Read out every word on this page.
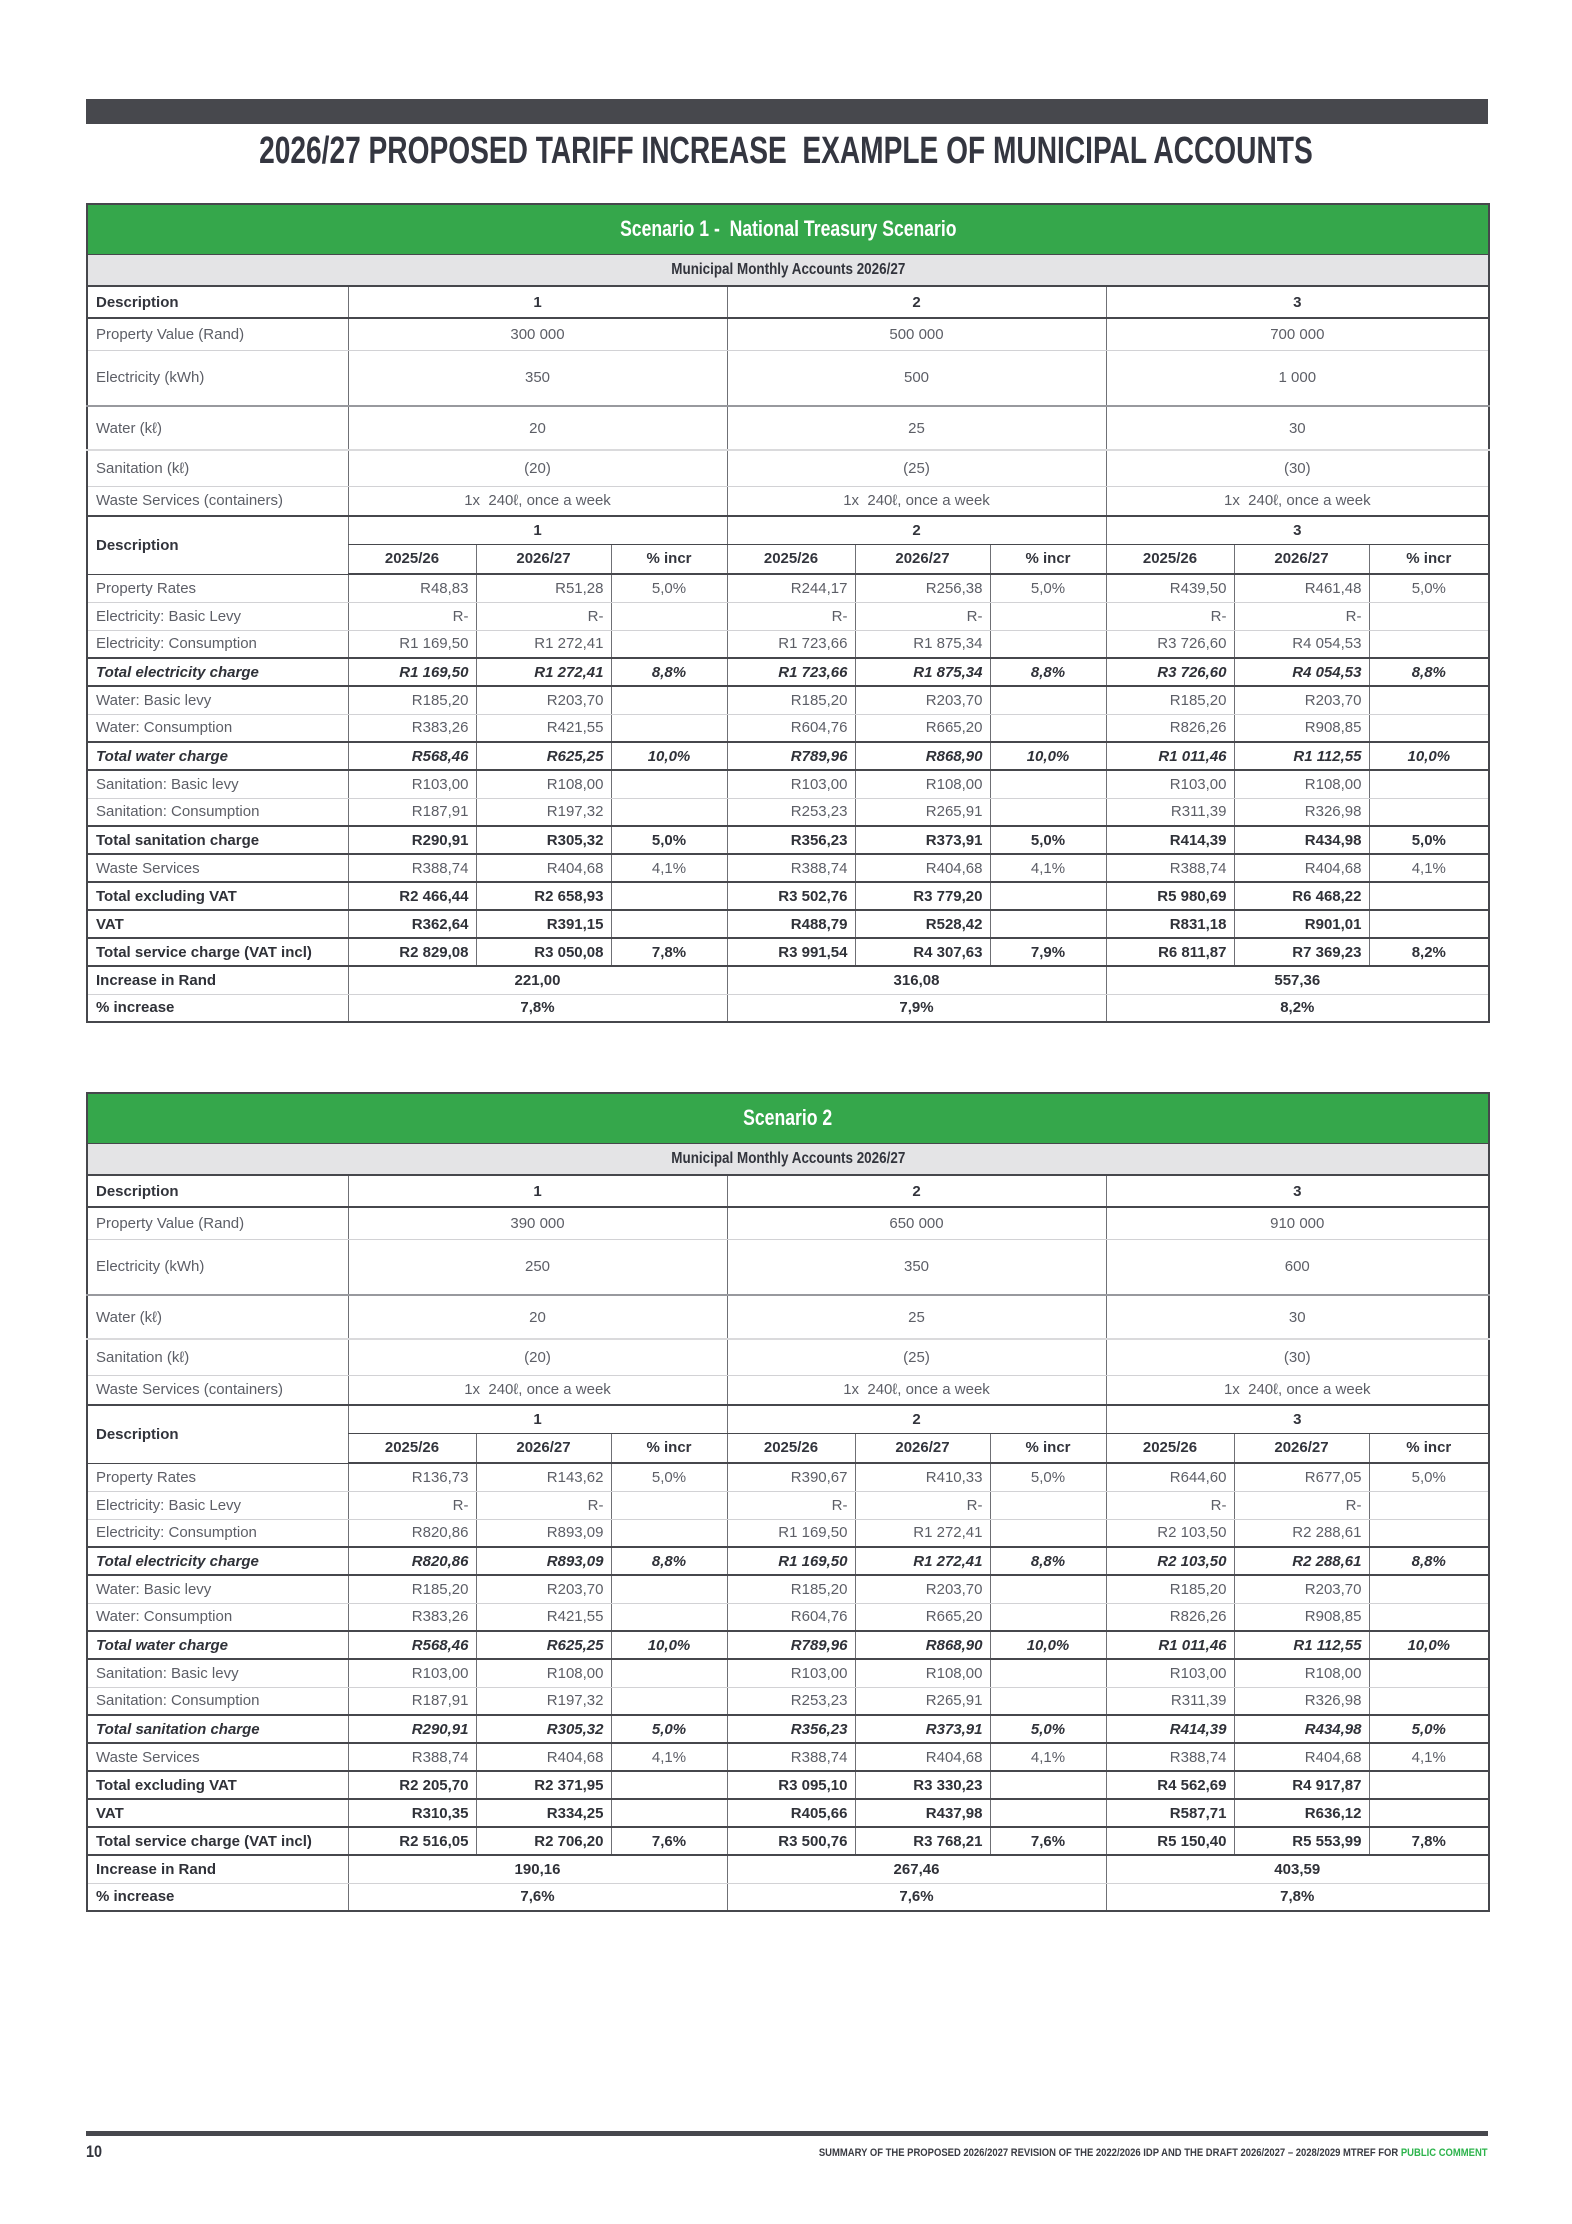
2026/27 PROPOSED TARIFF INCREASE  EXAMPLE OF MUNICIPAL ACCOUNTS
Scenario 1 -  National Treasury Scenario									
Municipal Monthly Accounts 2026/27									
Description	1			2			3		
Property Value (Rand)	300 000			500 000			700 000		
Electricity (kWh)	350			500			1 000		
Water (kℓ)	20			25			30		
Sanitation (kℓ)	(20)			(25)			(30)		
Waste Services (containers)	1x  240ℓ, once a week			1x  240ℓ, once a week			1x  240ℓ, once a week		
Description	1			2			3		
	2025/26	2026/27	% incr	2025/26	2026/27	% incr	2025/26	2026/27	% incr
Property Rates	R48,83	R51,28	5,0%	R244,17	R256,38	5,0%	R439,50	R461,48	5,0%
Electricity: Basic Levy	R-	R-		R-	R-		R-	R-	
Electricity: Consumption	R1 169,50	R1 272,41		R1 723,66	R1 875,34		R3 726,60	R4 054,53	
Total electricity charge	R1 169,50	R1 272,41	8,8%	R1 723,66	R1 875,34	8,8%	R3 726,60	R4 054,53	8,8%
Water: Basic levy	R185,20	R203,70		R185,20	R203,70		R185,20	R203,70	
Water: Consumption	R383,26	R421,55		R604,76	R665,20		R826,26	R908,85	
Total water charge	R568,46	R625,25	10,0%	R789,96	R868,90	10,0%	R1 011,46	R1 112,55	10,0%
Sanitation: Basic levy	R103,00	R108,00		R103,00	R108,00		R103,00	R108,00	
Sanitation: Consumption	R187,91	R197,32		R253,23	R265,91		R311,39	R326,98	
Total sanitation charge	R290,91	R305,32	5,0%	R356,23	R373,91	5,0%	R414,39	R434,98	5,0%
Waste Services	R388,74	R404,68	4,1%	R388,74	R404,68	4,1%	R388,74	R404,68	4,1%
Total excluding VAT	R2 466,44	R2 658,93		R3 502,76	R3 779,20		R5 980,69	R6 468,22	
VAT	R362,64	R391,15		R488,79	R528,42		R831,18	R901,01	
Total service charge (VAT incl)	R2 829,08	R3 050,08	7,8%	R3 991,54	R4 307,63	7,9%	R6 811,87	R7 369,23	8,2%
Increase in Rand	221,00			316,08			557,36		
% increase	7,8%			7,9%			8,2%		
Scenario 2									
Municipal Monthly Accounts 2026/27									
Description	1			2			3		
Property Value (Rand)	390 000			650 000			910 000		
Electricity (kWh)	250			350			600		
Water (kℓ)	20			25			30		
Sanitation (kℓ)	(20)			(25)			(30)		
Waste Services (containers)	1x  240ℓ, once a week			1x  240ℓ, once a week			1x  240ℓ, once a week		
Description	1			2			3		
	2025/26	2026/27	% incr	2025/26	2026/27	% incr	2025/26	2026/27	% incr
Property Rates	R136,73	R143,62	5,0%	R390,67	R410,33	5,0%	R644,60	R677,05	5,0%
Electricity: Basic Levy	R-	R-		R-	R-		R-	R-	
Electricity: Consumption	R820,86	R893,09		R1 169,50	R1 272,41		R2 103,50	R2 288,61	
Total electricity charge	R820,86	R893,09	8,8%	R1 169,50	R1 272,41	8,8%	R2 103,50	R2 288,61	8,8%
Water: Basic levy	R185,20	R203,70		R185,20	R203,70		R185,20	R203,70	
Water: Consumption	R383,26	R421,55		R604,76	R665,20		R826,26	R908,85	
Total water charge	R568,46	R625,25	10,0%	R789,96	R868,90	10,0%	R1 011,46	R1 112,55	10,0%
Sanitation: Basic levy	R103,00	R108,00		R103,00	R108,00		R103,00	R108,00	
Sanitation: Consumption	R187,91	R197,32		R253,23	R265,91		R311,39	R326,98	
Total sanitation charge	R290,91	R305,32	5,0%	R356,23	R373,91	5,0%	R414,39	R434,98	5,0%
Waste Services	R388,74	R404,68	4,1%	R388,74	R404,68	4,1%	R388,74	R404,68	4,1%
Total excluding VAT	R2 205,70	R2 371,95		R3 095,10	R3 330,23		R4 562,69	R4 917,87	
VAT	R310,35	R334,25		R405,66	R437,98		R587,71	R636,12	
Total service charge (VAT incl)	R2 516,05	R2 706,20	7,6%	R3 500,76	R3 768,21	7,6%	R5 150,40	R5 553,99	7,8%
Increase in Rand	190,16			267,46			403,59		
% increase	7,6%			7,6%			7,8%		
10	SUMMARY OF THE PROPOSED 2026/2027 REVISION OF THE 2022/2026 IDP AND THE DRAFT 2026/2027 – 2028/2029 MTREF FOR PUBLIC COMMENT
